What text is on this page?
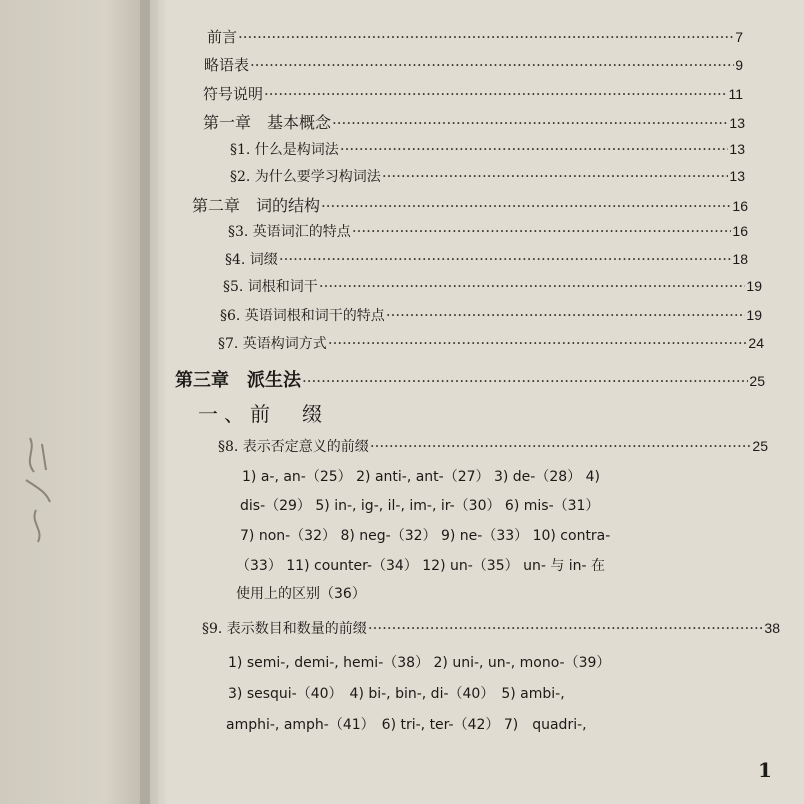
前言 ·····	7
略语表 ·····	9
符号说明 ·····	11
第一章　基本概念 ·····	13
§1. 什么是构词法 ·····	13
§2. 为什么要学习构词法 ·····	13
第二章　词的结构 ·····	16
§3. 英语词汇的特点 ·····	16
§4. 词缀 ·····	18
§5. 词根和词干 ·····	19
§6. 英语词根和词干的特点 ·····	19
§7. 英语构词方式 ·····	24
第三章　派生法 ·····	25
一、前　缀
§8. 表示否定意义的前缀 ·····	25
1) a-, an-（25） 2) anti-, ant-（27） 3) de-（28） 4)
dis-（29） 5) in-, ig-, il-, im-, ir-（30） 6) mis-（31）
7) non-（32） 8) neg-（32） 9) ne-（33） 10) contra-
（33） 11) counter-（34） 12) un-（35） un- 与 in- 在
使用上的区别（36）
§9. 表示数目和数量的前缀 ·····	38
1) semi-, demi-, hemi-（38） 2) uni-, un-, mono-（39）
3) sesqui-（40）　4) bi-, bin-, di-（40）　5) ambi-,
amphi-, amph-（41）　6) tri-, ter-（42） 7)　quadri-,
1
